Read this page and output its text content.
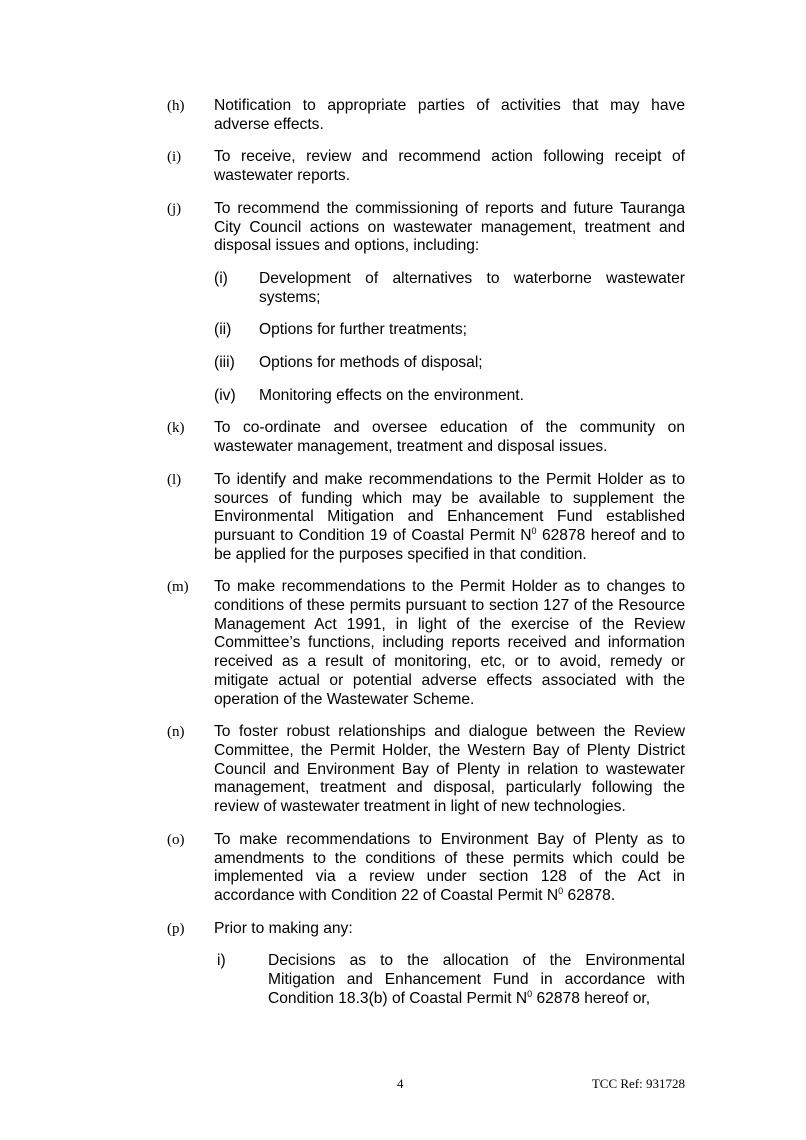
(h) Notification to appropriate parties of activities that may have adverse effects.
(i) To receive, review and recommend action following receipt of wastewater reports.
(j) To recommend the commissioning of reports and future Tauranga City Council actions on wastewater management, treatment and disposal issues and options, including:
(i) Development of alternatives to waterborne wastewater systems;
(ii) Options for further treatments;
(iii) Options for methods of disposal;
(iv) Monitoring effects on the environment.
(k) To co-ordinate and oversee education of the community on wastewater management, treatment and disposal issues.
(l) To identify and make recommendations to the Permit Holder as to sources of funding which may be available to supplement the Environmental Mitigation and Enhancement Fund established pursuant to Condition 19 of Coastal Permit $N^0$ 62878 hereof and to be applied for the purposes specified in that condition.
(m) To make recommendations to the Permit Holder as to changes to conditions of these permits pursuant to section 127 of the Resource Management Act 1991, in light of the exercise of the Review Committee’s functions, including reports received and information received as a result of monitoring, etc, or to avoid, remedy or mitigate actual or potential adverse effects associated with the operation of the Wastewater Scheme.
(n) To foster robust relationships and dialogue between the Review Committee, the Permit Holder, the Western Bay of Plenty District Council and Environment Bay of Plenty in relation to wastewater management, treatment and disposal, particularly following the review of wastewater treatment in light of new technologies.
(o) To make recommendations to Environment Bay of Plenty as to amendments to the conditions of these permits which could be implemented via a review under section 128 of the Act in accordance with Condition 22 of Coastal Permit $N^0$ 62878.
(p) Prior to making any:
i)	Decisions as to the allocation of the Environmental Mitigation and Enhancement Fund in accordance with Condition 18.3(b) of Coastal Permit $N^0$ 62878 hereof or,
4	TCC Ref: 931728
